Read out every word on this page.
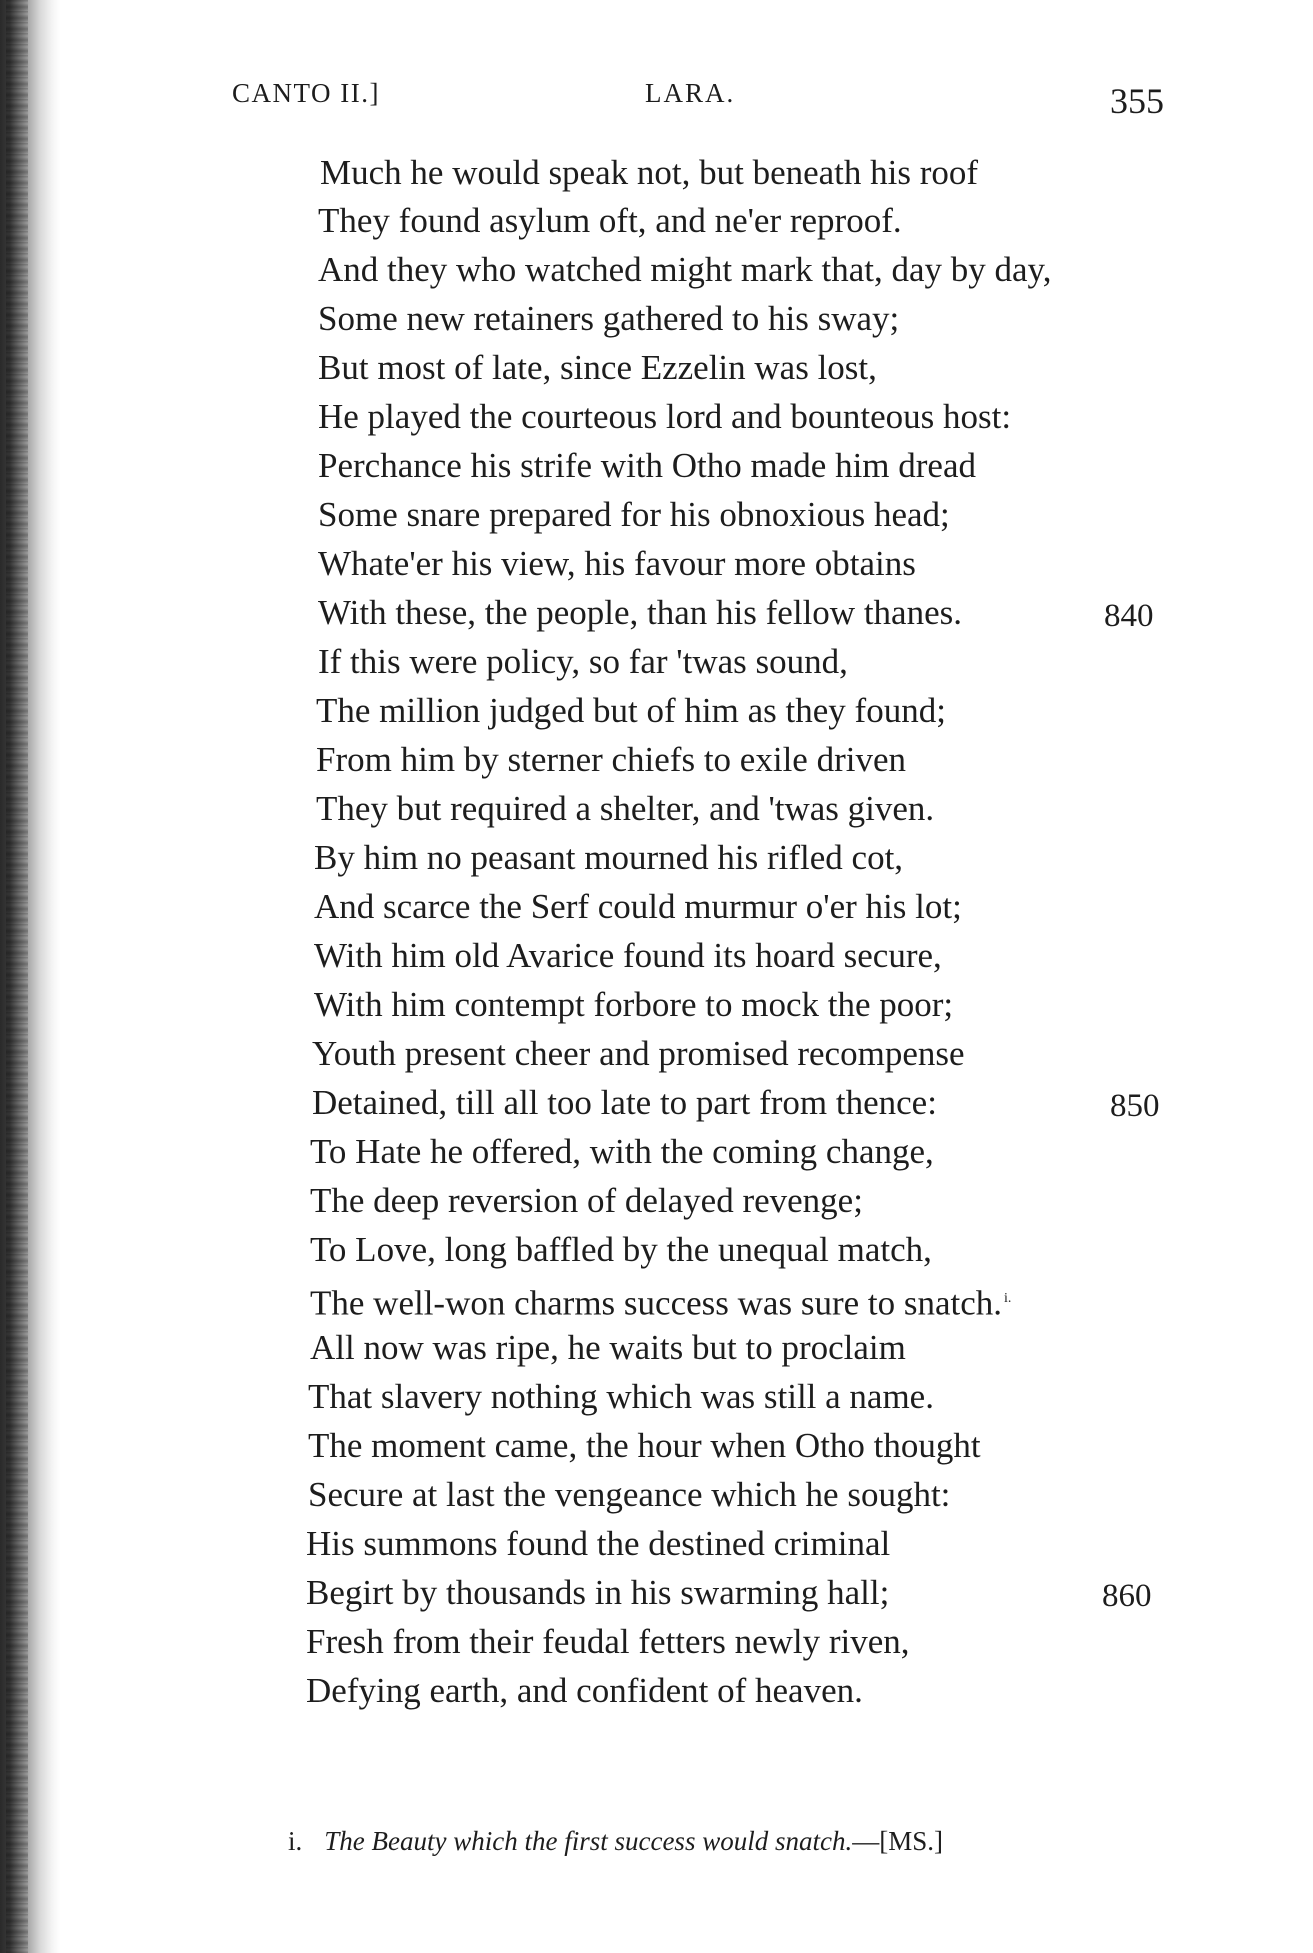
CANTO II.]	LARA.	355
Much he would speak not, but beneath his roof
They found asylum oft, and ne'er reproof.
And they who watched might mark that, day by day,
Some new retainers gathered to his sway;
But most of late, since Ezzelin was lost,
He played the courteous lord and bounteous host:
Perchance his strife with Otho made him dread
Some snare prepared for his obnoxious head;
Whate'er his view, his favour more obtains
With these, the people, than his fellow thanes.	840
If this were policy, so far 'twas sound,
The million judged but of him as they found;
From him by sterner chiefs to exile driven
They but required a shelter, and 'twas given.
By him no peasant mourned his rifled cot,
And scarce the Serf could murmur o'er his lot;
With him old Avarice found its hoard secure,
With him contempt forbore to mock the poor;
Youth present cheer and promised recompense
Detained, till all too late to part from thence:	850
To Hate he offered, with the coming change,
The deep reversion of delayed revenge;
To Love, long baffled by the unequal match,
The well-won charms success was sure to snatch. $^{i.}$
All now was ripe, he waits but to proclaim
That slavery nothing which was still a name.
The moment came, the hour when Otho thought
Secure at last the vengeance which he sought:
His summons found the destined criminal
Begirt by thousands in his swarming hall;	860
Fresh from their feudal fetters newly riven,
Defying earth, and confident of heaven.
i. The Beauty which the first success would snatch.—[MS.]
